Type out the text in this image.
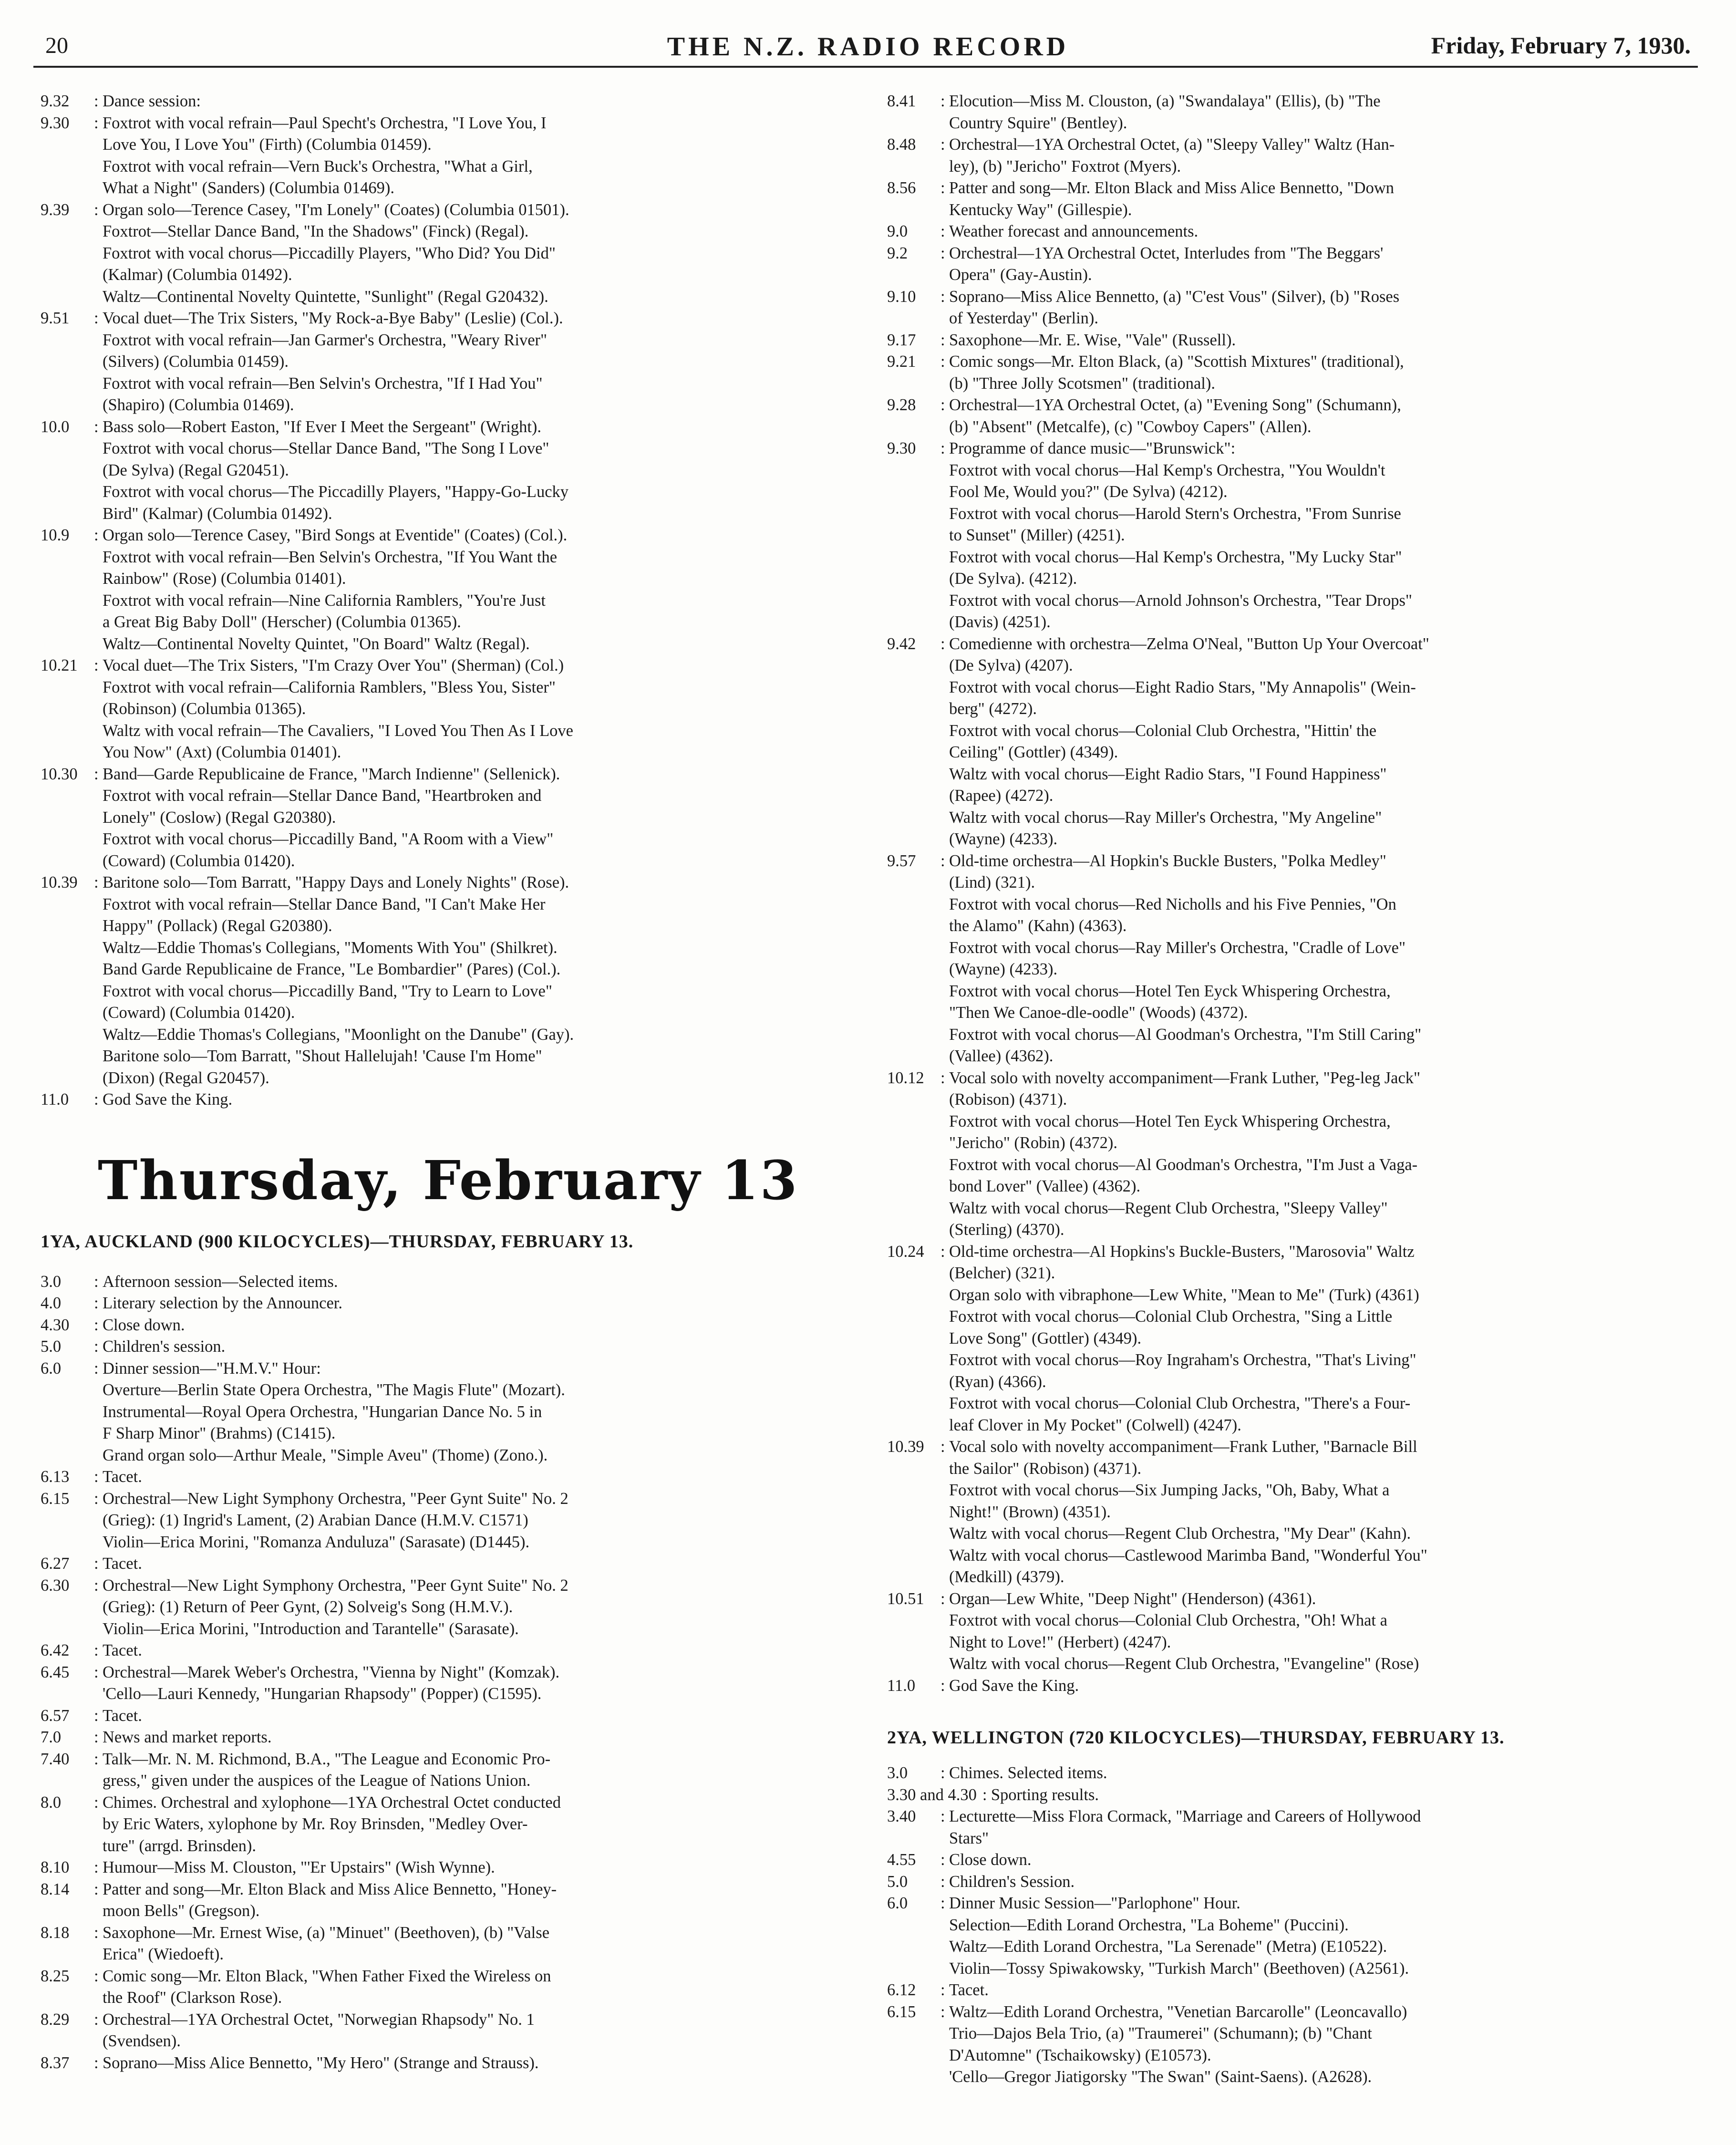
20	THE N.Z. RADIO RECORD	Friday, February 7, 1930.
9.32	: Dance session:
9.30	: Foxtrot with vocal refrain—Paul Specht's Orchestra, "I Love You, I
Love You, I Love You" (Firth) (Columbia 01459).
Foxtrot with vocal refrain—Vern Buck's Orchestra, "What a Girl,
What a Night" (Sanders) (Columbia 01469).
9.39	: Organ solo—Terence Casey, "I'm Lonely" (Coates) (Columbia 01501).
Foxtrot—Stellar Dance Band, "In the Shadows" (Finck) (Regal).
Foxtrot with vocal chorus—Piccadilly Players, "Who Did? You Did"
(Kalmar) (Columbia 01492).
Waltz—Continental Novelty Quintette, "Sunlight" (Regal G20432).
9.51	: Vocal duet—The Trix Sisters, "My Rock-a-Bye Baby" (Leslie) (Col.).
Foxtrot with vocal refrain—Jan Garmer's Orchestra, "Weary River"
(Silvers) (Columbia 01459).
Foxtrot with vocal refrain—Ben Selvin's Orchestra, "If I Had You"
(Shapiro) (Columbia 01469).
10.0	: Bass solo—Robert Easton, "If Ever I Meet the Sergeant" (Wright).
Foxtrot with vocal chorus—Stellar Dance Band, "The Song I Love"
(De Sylva) (Regal G20451).
Foxtrot with vocal chorus—The Piccadilly Players, "Happy-Go-Lucky
Bird" (Kalmar) (Columbia 01492).
10.9	: Organ solo—Terence Casey, "Bird Songs at Eventide" (Coates) (Col.).
Foxtrot with vocal refrain—Ben Selvin's Orchestra, "If You Want the
Rainbow" (Rose) (Columbia 01401).
Foxtrot with vocal refrain—Nine California Ramblers, "You're Just
a Great Big Baby Doll" (Herscher) (Columbia 01365).
Waltz—Continental Novelty Quintet, "On Board" Waltz (Regal).
10.21 : Vocal duet—The Trix Sisters, "I'm Crazy Over You" (Sherman) (Col.)
Foxtrot with vocal refrain—California Ramblers, "Bless You, Sister"
(Robinson) (Columbia 01365).
Waltz with vocal refrain—The Cavaliers, "I Loved You Then As I Love
You Now" (Axt) (Columbia 01401).
10.30 : Band—Garde Republicaine de France, "March Indienne" (Sellenick).
Foxtrot with vocal refrain—Stellar Dance Band, "Heartbroken and
Lonely" (Coslow) (Regal G20380).
Foxtrot with vocal chorus—Piccadilly Band, "A Room with a View"
(Coward) (Columbia 01420).
10.39 : Baritone solo—Tom Barratt, "Happy Days and Lonely Nights" (Rose).
Foxtrot with vocal refrain—Stellar Dance Band, "I Can't Make Her
Happy" (Pollack) (Regal G20380).
Waltz—Eddie Thomas's Collegians, "Moments With You" (Shilkret).
Band Garde Republicaine de France, "Le Bombardier" (Pares) (Col.).
Foxtrot with vocal chorus—Piccadilly Band, "Try to Learn to Love"
(Coward) (Columbia 01420).
Waltz—Eddie Thomas's Collegians, "Moonlight on the Danube" (Gay).
Baritone solo—Tom Barratt, "Shout Hallelujah! 'Cause I'm Home"
(Dixon) (Regal G20457).
11.0	: God Save the King.
Thursday, February 13
1YA, AUCKLAND (900 KILOCYCLES)—THURSDAY, FEBRUARY 13.
3.0	: Afternoon session—Selected items.
4.0	: Literary selection by the Announcer.
4.30	: Close down.
5.0	: Children's session.
6.0	: Dinner session—"H.M.V." Hour:
Overture—Berlin State Opera Orchestra, "The Magis Flute" (Mozart).
Instrumental—Royal Opera Orchestra, "Hungarian Dance No. 5 in
F Sharp Minor" (Brahms) (C1415).
Grand organ solo—Arthur Meale, "Simple Aveu" (Thome) (Zono.).
6.13	: Tacet.
6.15	: Orchestral—New Light Symphony Orchestra, "Peer Gynt Suite" No. 2
(Grieg): (1) Ingrid's Lament, (2) Arabian Dance (H.M.V. C1571)
Violin—Erica Morini, "Romanza Anduluza" (Sarasate) (D1445).
6.27	: Tacet.
6.30	: Orchestral—New Light Symphony Orchestra, "Peer Gynt Suite" No. 2
(Grieg): (1) Return of Peer Gynt, (2) Solveig's Song (H.M.V.).
Violin—Erica Morini, "Introduction and Tarantelle" (Sarasate).
6.42	: Tacet.
6.45	: Orchestral—Marek Weber's Orchestra, "Vienna by Night" (Komzak).
'Cello—Lauri Kennedy, "Hungarian Rhapsody" (Popper) (C1595).
6.57	: Tacet.
7.0	: News and market reports.
7.40	: Talk—Mr. N. M. Richmond, B.A., "The League and Economic Pro-
gress," given under the auspices of the League of Nations Union.
8.0	: Chimes. Orchestral and xylophone—1YA Orchestral Octet conducted
by Eric Waters, xylophone by Mr. Roy Brinsden, "Medley Over-
ture" (arrgd. Brinsden).
8.10	: Humour—Miss M. Clouston, "'Er Upstairs" (Wish Wynne).
8.14	: Patter and song—Mr. Elton Black and Miss Alice Bennetto, "Honey-
moon Bells" (Gregson).
8.18	: Saxophone—Mr. Ernest Wise, (a) "Minuet" (Beethoven), (b) "Valse
Erica" (Wiedoeft).
8.25	: Comic song—Mr. Elton Black, "When Father Fixed the Wireless on
the Roof" (Clarkson Rose).
8.29	: Orchestral—1YA Orchestral Octet, "Norwegian Rhapsody" No. 1
(Svendsen).
8.37	: Soprano—Miss Alice Bennetto, "My Hero" (Strange and Strauss).
8.41	: Elocution—Miss M. Clouston, (a) "Swandalaya" (Ellis), (b) "The
Country Squire" (Bentley).
8.48	: Orchestral—1YA Orchestral Octet, (a) "Sleepy Valley" Waltz (Han-
ley), (b) "Jericho" Foxtrot (Myers).
8.56	: Patter and song—Mr. Elton Black and Miss Alice Bennetto, "Down
Kentucky Way" (Gillespie).
9.0	: Weather forecast and announcements.
9.2	: Orchestral—1YA Orchestral Octet, Interludes from "The Beggars'
Opera" (Gay-Austin).
9.10	: Soprano—Miss Alice Bennetto, (a) "C'est Vous" (Silver), (b) "Roses
of Yesterday" (Berlin).
9.17	: Saxophone—Mr. E. Wise, "Vale" (Russell).
9.21	: Comic songs—Mr. Elton Black, (a) "Scottish Mixtures" (traditional),
(b) "Three Jolly Scotsmen" (traditional).
9.28	: Orchestral—1YA Orchestral Octet, (a) "Evening Song" (Schumann),
(b) "Absent" (Metcalfe), (c) "Cowboy Capers" (Allen).
9.30	: Programme of dance music—"Brunswick":
Foxtrot with vocal chorus—Hal Kemp's Orchestra, "You Wouldn't
Fool Me, Would you?" (De Sylva) (4212).
Foxtrot with vocal chorus—Harold Stern's Orchestra, "From Sunrise
to Sunset" (Miller) (4251).
Foxtrot with vocal chorus—Hal Kemp's Orchestra, "My Lucky Star"
(De Sylva). (4212).
Foxtrot with vocal chorus—Arnold Johnson's Orchestra, "Tear Drops"
(Davis) (4251).
9.42	: Comedienne with orchestra—Zelma O'Neal, "Button Up Your Overcoat"
(De Sylva) (4207).
Foxtrot with vocal chorus—Eight Radio Stars, "My Annapolis" (Wein-
berg" (4272).
Foxtrot with vocal chorus—Colonial Club Orchestra, "Hittin' the
Ceiling" (Gottler) (4349).
Waltz with vocal chorus—Eight Radio Stars, "I Found Happiness"
(Rapee) (4272).
Waltz with vocal chorus—Ray Miller's Orchestra, "My Angeline"
(Wayne) (4233).
9.57	: Old-time orchestra—Al Hopkin's Buckle Busters, "Polka Medley"
(Lind) (321).
Foxtrot with vocal chorus—Red Nicholls and his Five Pennies, "On
the Alamo" (Kahn) (4363).
Foxtrot with vocal chorus—Ray Miller's Orchestra, "Cradle of Love"
(Wayne) (4233).
Foxtrot with vocal chorus—Hotel Ten Eyck Whispering Orchestra,
"Then We Canoe-dle-oodle" (Woods) (4372).
Foxtrot with vocal chorus—Al Goodman's Orchestra, "I'm Still Caring"
(Vallee) (4362).
10.12 : Vocal solo with novelty accompaniment—Frank Luther, "Peg-leg Jack"
(Robison) (4371).
Foxtrot with vocal chorus—Hotel Ten Eyck Whispering Orchestra,
"Jericho" (Robin) (4372).
Foxtrot with vocal chorus—Al Goodman's Orchestra, "I'm Just a Vaga-
bond Lover" (Vallee) (4362).
Waltz with vocal chorus—Regent Club Orchestra, "Sleepy Valley"
(Sterling) (4370).
10.24 : Old-time orchestra—Al Hopkins's Buckle-Busters, "Marosovia" Waltz
(Belcher) (321).
Organ solo with vibraphone—Lew White, "Mean to Me" (Turk) (4361)
Foxtrot with vocal chorus—Colonial Club Orchestra, "Sing a Little
Love Song" (Gottler) (4349).
Foxtrot with vocal chorus—Roy Ingraham's Orchestra, "That's Living"
(Ryan) (4366).
Foxtrot with vocal chorus—Colonial Club Orchestra, "There's a Four-
leaf Clover in My Pocket" (Colwell) (4247).
10.39 : Vocal solo with novelty accompaniment—Frank Luther, "Barnacle Bill
the Sailor" (Robison) (4371).
Foxtrot with vocal chorus—Six Jumping Jacks, "Oh, Baby, What a
Night!" (Brown) (4351).
Waltz with vocal chorus—Regent Club Orchestra, "My Dear" (Kahn).
Waltz with vocal chorus—Castlewood Marimba Band, "Wonderful You"
(Medkill) (4379).
10.51 : Organ—Lew White, "Deep Night" (Henderson) (4361).
Foxtrot with vocal chorus—Colonial Club Orchestra, "Oh! What a
Night to Love!" (Herbert) (4247).
Waltz with vocal chorus—Regent Club Orchestra, "Evangeline" (Rose)
11.0	: God Save the King.
2YA, WELLINGTON (720 KILOCYCLES)—THURSDAY, FEBRUARY 13.
3.0	: Chimes. Selected items.
3.30 and 4.30 : Sporting results.
3.40	: Lecturette—Miss Flora Cormack, "Marriage and Careers of Hollywood
Stars"
4.55	: Close down.
5.0	: Children's Session.
6.0	: Dinner Music Session—"Parlophone" Hour.
Selection—Edith Lorand Orchestra, "La Boheme" (Puccini).
Waltz—Edith Lorand Orchestra, "La Serenade" (Metra) (E10522).
Violin—Tossy Spiwakowsky, "Turkish March" (Beethoven) (A2561).
6.12	: Tacet.
6.15	: Waltz—Edith Lorand Orchestra, "Venetian Barcarolle" (Leoncavallo)
Trio—Dajos Bela Trio, (a) "Traumerei" (Schumann); (b) "Chant
D'Automne" (Tschaikowsky) (E10573).
'Cello—Gregor Jiatigorsky "The Swan" (Saint-Saens). (A2628).
